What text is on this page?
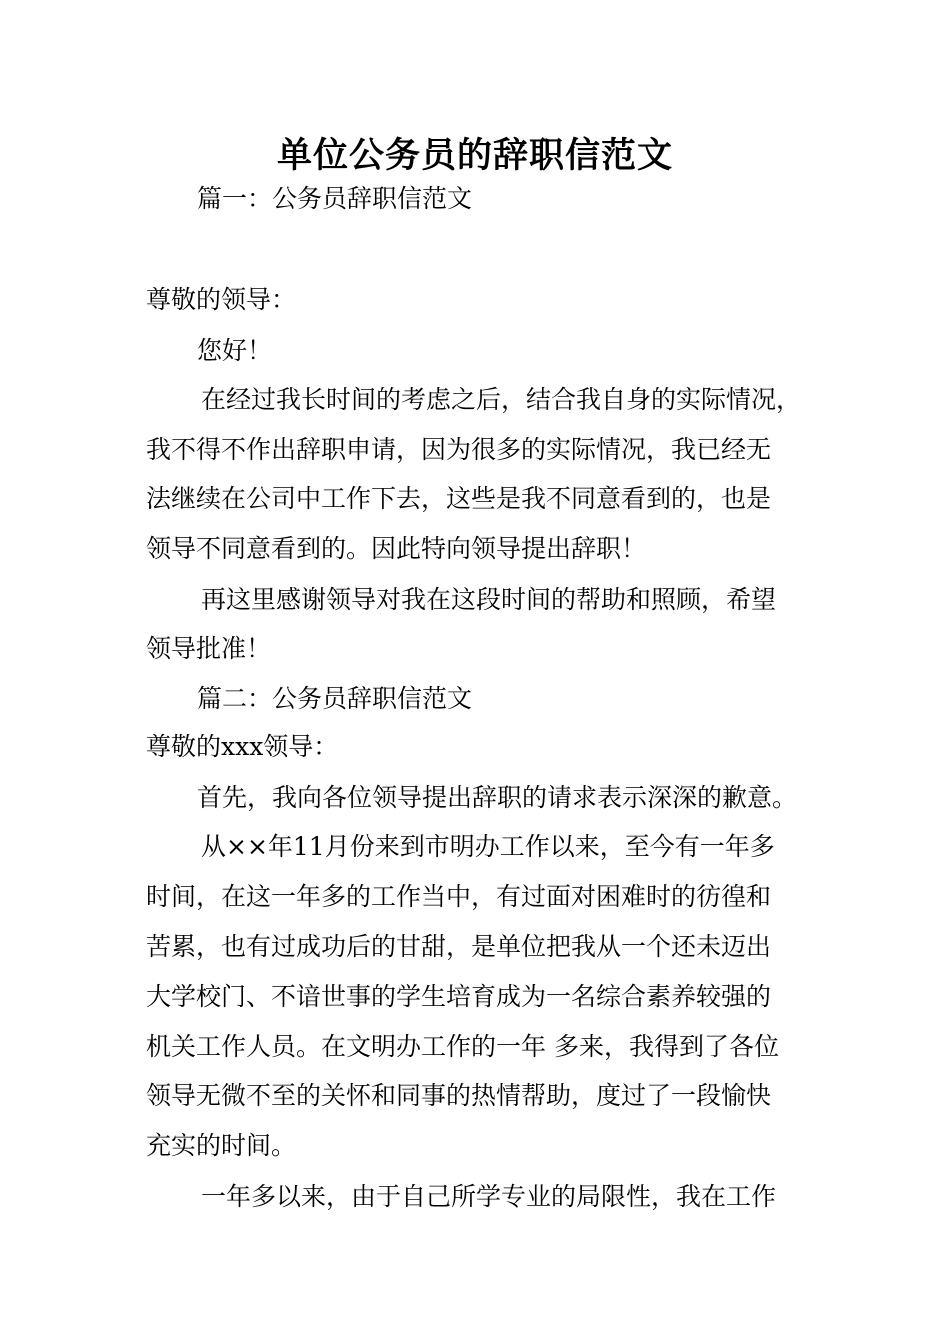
单位公务员的辞职信范文

篇一：公务员辞职信范文

尊敬的领导：

您好！

在经过我长时间的考虑之后，结合我自身的实际情况，

我不得不作出辞职申请，因为很多的实际情况，我已经无

法继续在公司中工作下去，这些是我不同意看到的，也是

领导不同意看到的。因此特向领导提出辞职！

再这里感谢领导对我在这段时间的帮助和照顾，希望

领导批准！

篇二：公务员辞职信范文

尊敬的xxx领导：

首先，我向各位领导提出辞职的请求表示深深的歉意。

从××年11月份来到市明办工作以来，至今有一年多

时间，在这一年多的工作当中，有过面对困难时的彷徨和

苦累，也有过成功后的甘甜，是单位把我从一个还未迈出

大学校门、不谙世事的学生培育成为一名综合素养较强的

机关工作人员。在文明办工作的一年 多来，我得到了各位

领导无微不至的关怀和同事的热情帮助，度过了一段愉快

充实的时间。

一年多以来，由于自己所学专业的局限性，我在工作
